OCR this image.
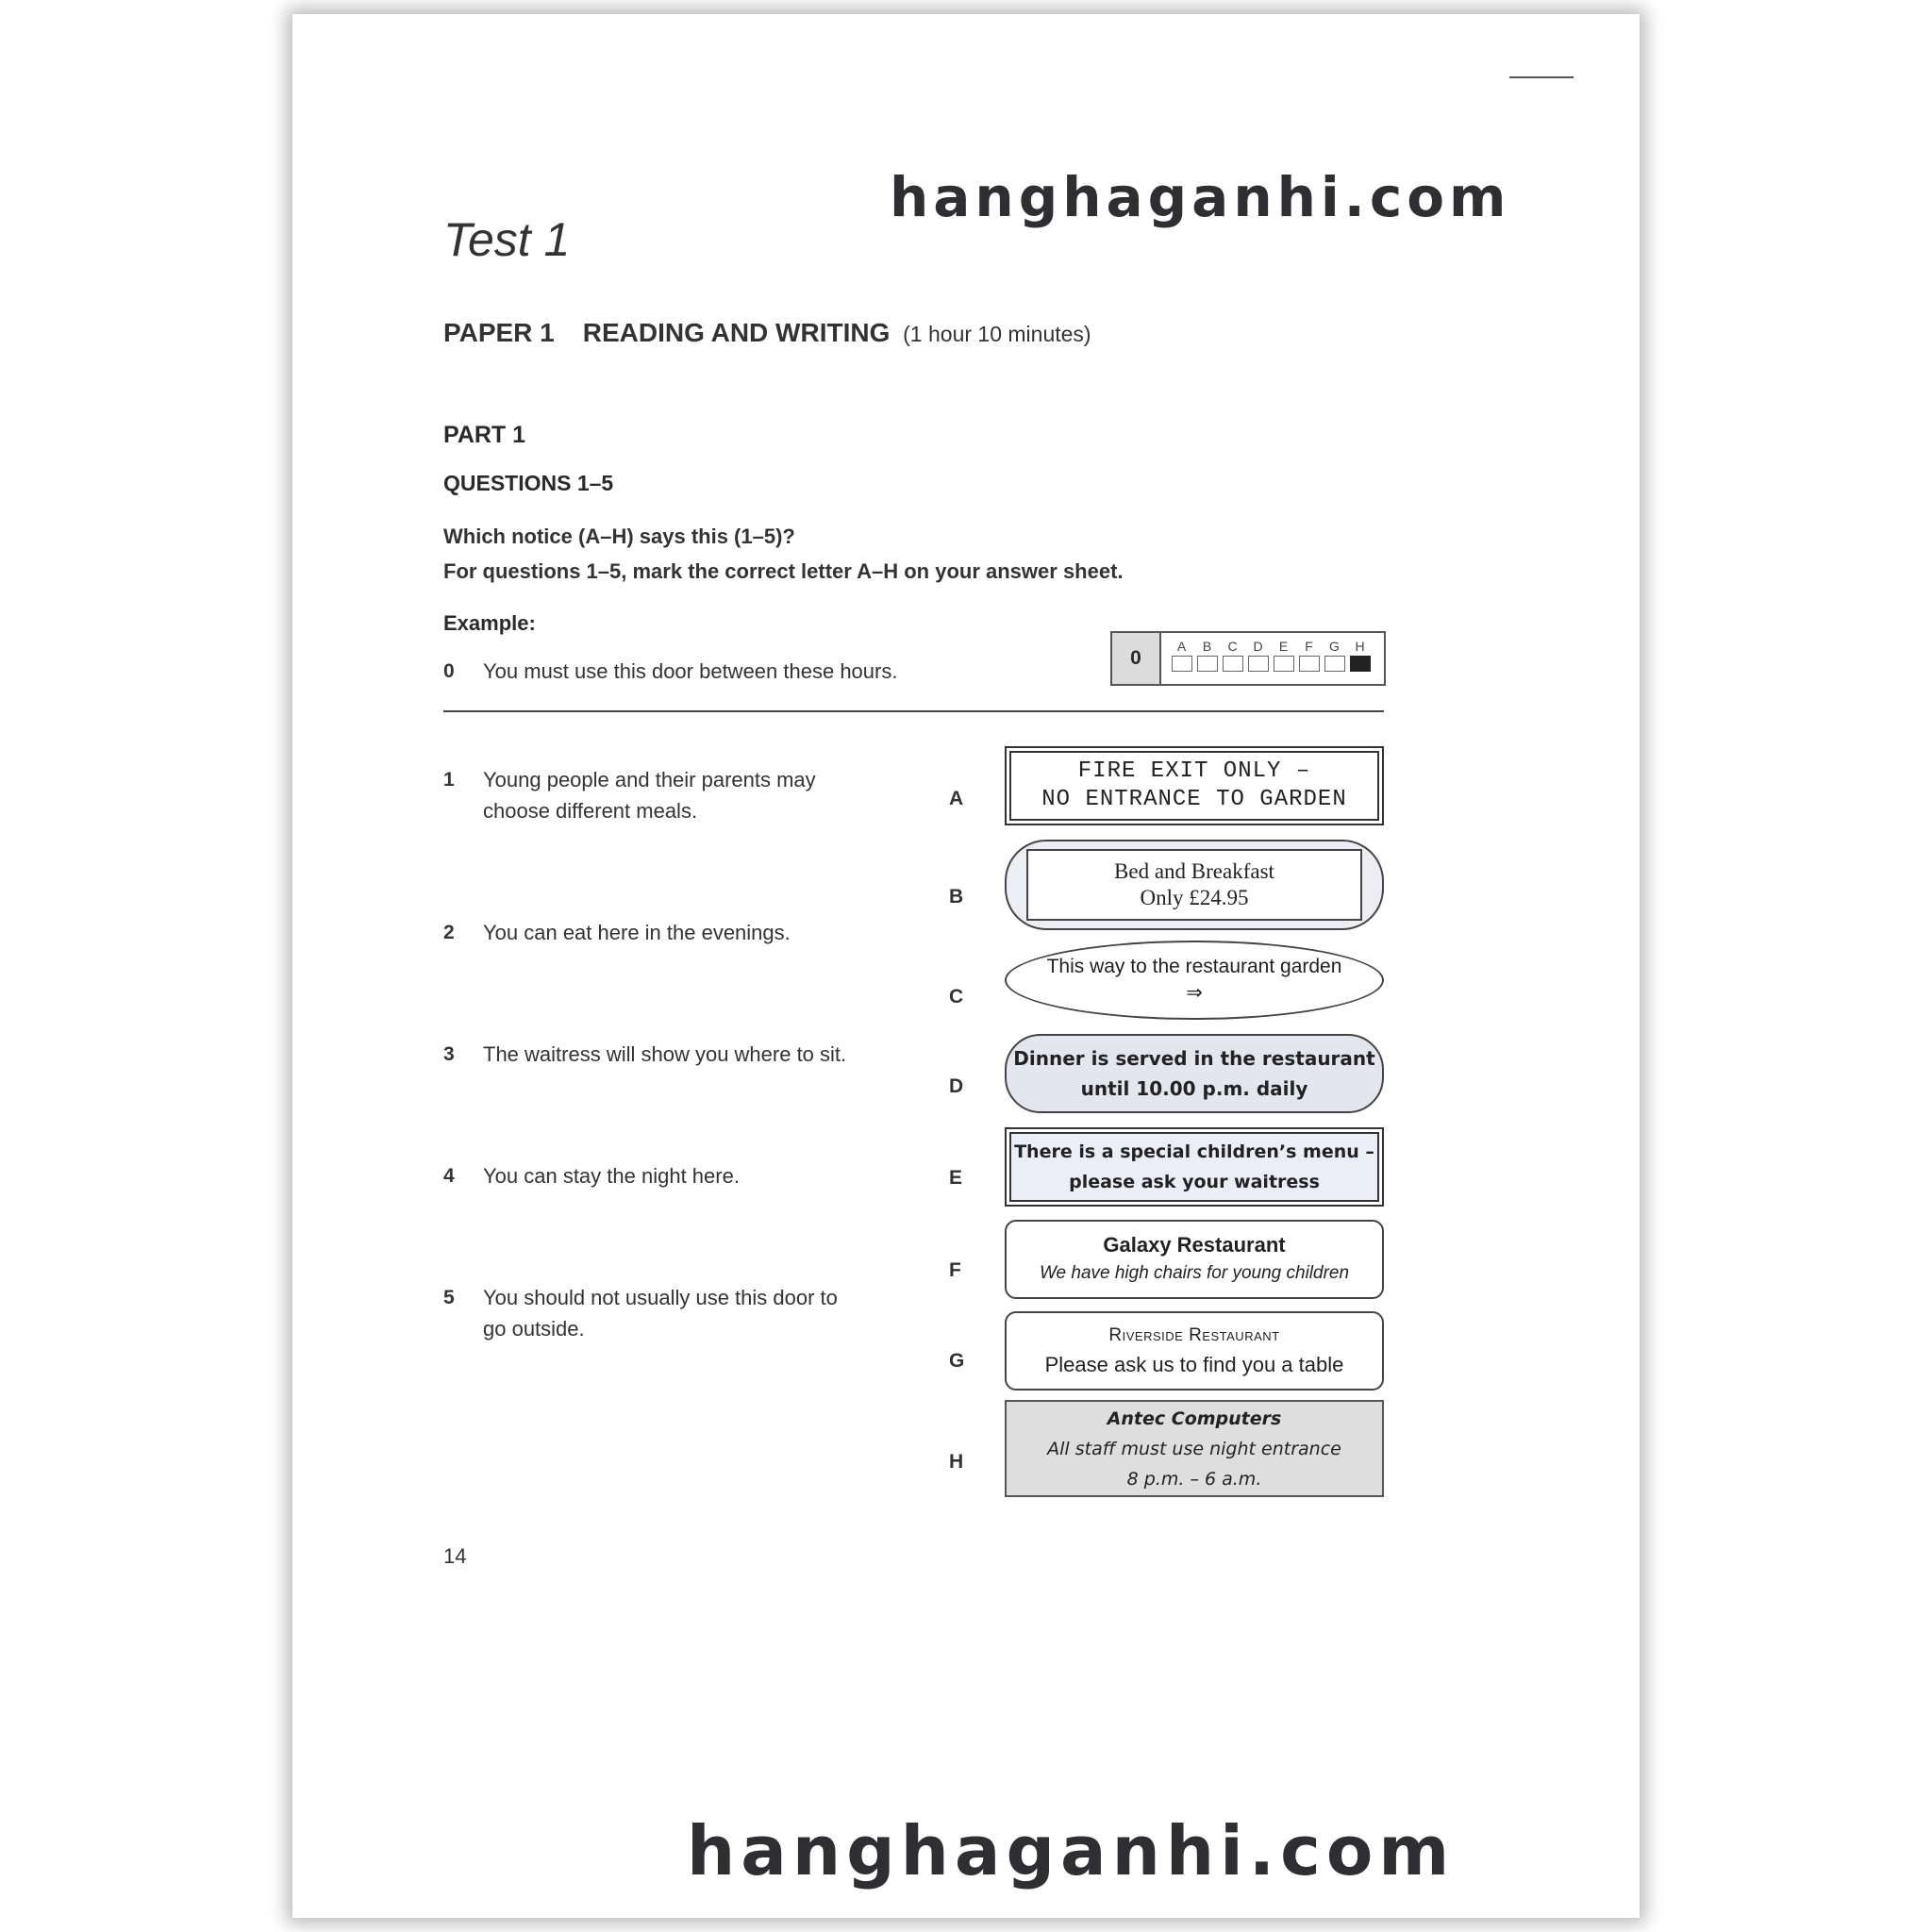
Test 1
PAPER 1 READING AND WRITING (1 hour 10 minutes)
PART 1
QUESTIONS 1–5
Which notice (A–H) says this (1–5)?
For questions 1–5, mark the correct letter A–H on your answer sheet.
Example:
0 You must use this door between these hours.
0
A B C D E F G H
1 Young people and their parents may
choose different meals.
2 You can eat here in the evenings.
3 The waitress will show you where to sit.
4 You can stay the night here.
5 You should not usually use this door to
go outside.
A
B
C
D
E
F
G
H
FIRE EXIT ONLY –
NO ENTRANCE TO GARDEN
Bed and Breakfast
Only £24.95
This way to the restaurant garden
⇒
Dinner is served in the restaurant
until 10.00 p.m. daily
There is a special children’s menu –
please ask your waitress
Galaxy Restaurant
We have high chairs for young children
Riverside Restaurant
Please ask us to find you a table
Antec Computers
All staff must use night entrance
8 p.m. – 6 a.m.
14
hanghaganhi.com
hanghaganhi.com
